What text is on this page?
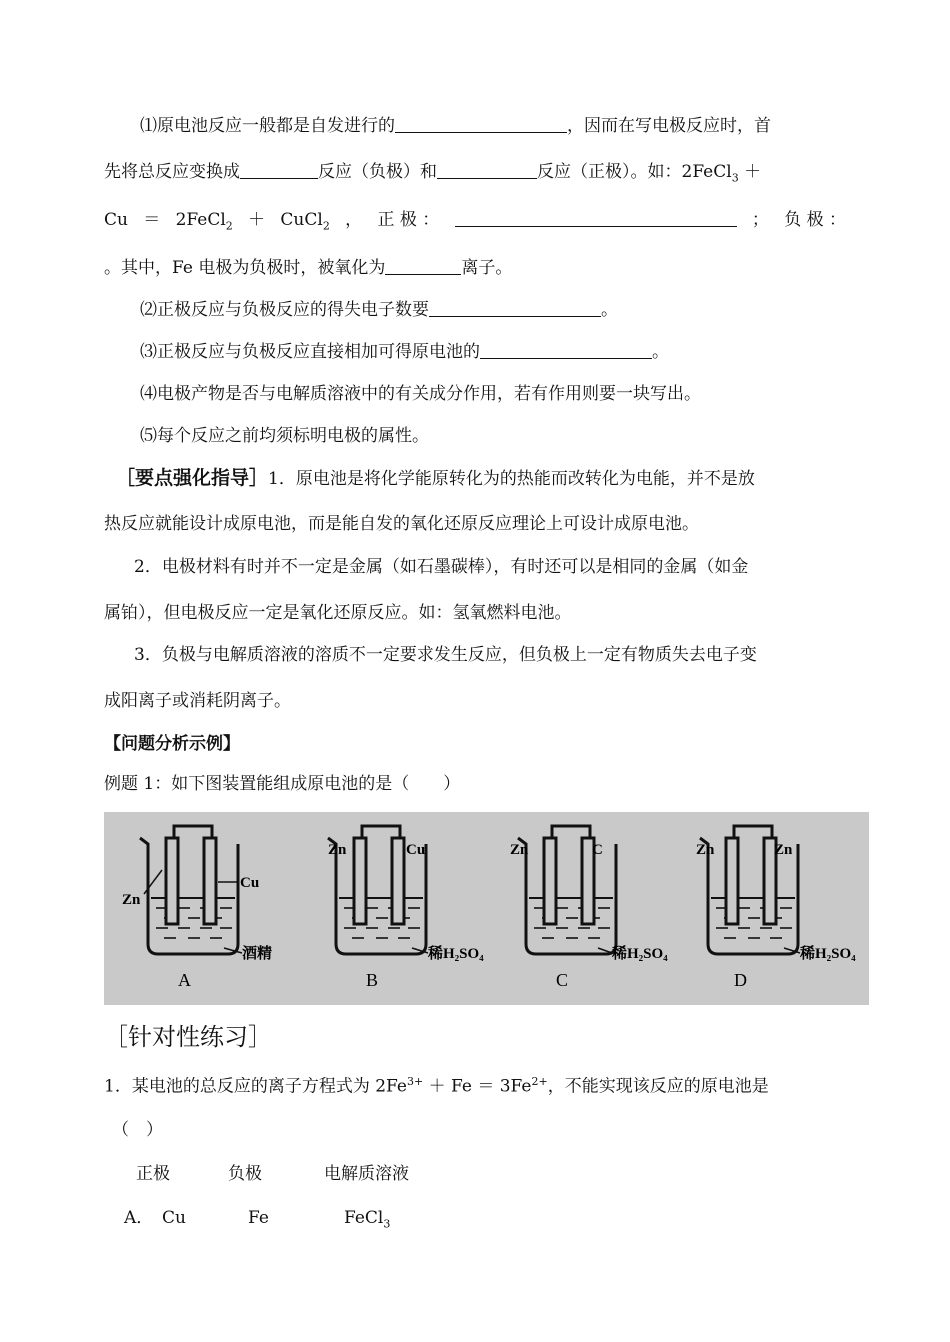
⑴原电池反应一般都是自发进行的	，因而在写电极反应时，首
先将总反应变换成	反应（负极）和	反应（正极）。如：2FeCl$_3$ ＋
Cu ＝ 2FeCl$_2$ ＋ CuCl$_2$ ， 正 极 ：	； 负 极 ：
。其中，Fe 电极为负极时，被氧化为	离子。
⑵正极反应与负极反应的得失电子数要	。
⑶正极反应与负极反应直接相加可得原电池的	。
⑷电极产物是否与电解质溶液中的有关成分作用，若有作用则要一块写出。
⑸每个反应之前均须标明电极的属性。
［要点强化指导］1．原电池是将化学能原转化为的热能而改转化为电能，并不是放
热反应就能设计成原电池，而是能自发的氧化还原反应理论上可设计成原电池。
2．电极材料有时并不一定是金属（如石墨碳棒），有时还可以是相同的金属（如金
属铂），但电极反应一定是氧化还原反应。如：氢氧燃料电池。
3．负极与电解质溶液的溶质不一定要求发生反应，但负极上一定有物质失去电子变
成阳离子或消耗阴离子。
【问题分析示例】
例题 1：如下图装置能组成原电池的是（　　）
Zn
Cu
酒精
A
Zn	Cu
稀H₂SO₄
B
Zn	C
稀H₂SO₄
C
Zn	Zn
稀H₂SO₄
D
［针对性练习］
1．某电池的总反应的离子方程式为 $2Fe^{3+} + Fe = 3Fe^{2+}$，不能实现该反应的原电池是
（　）
正极	负极	电解质溶液
A． Cu	Fe	FeCl$_3$
